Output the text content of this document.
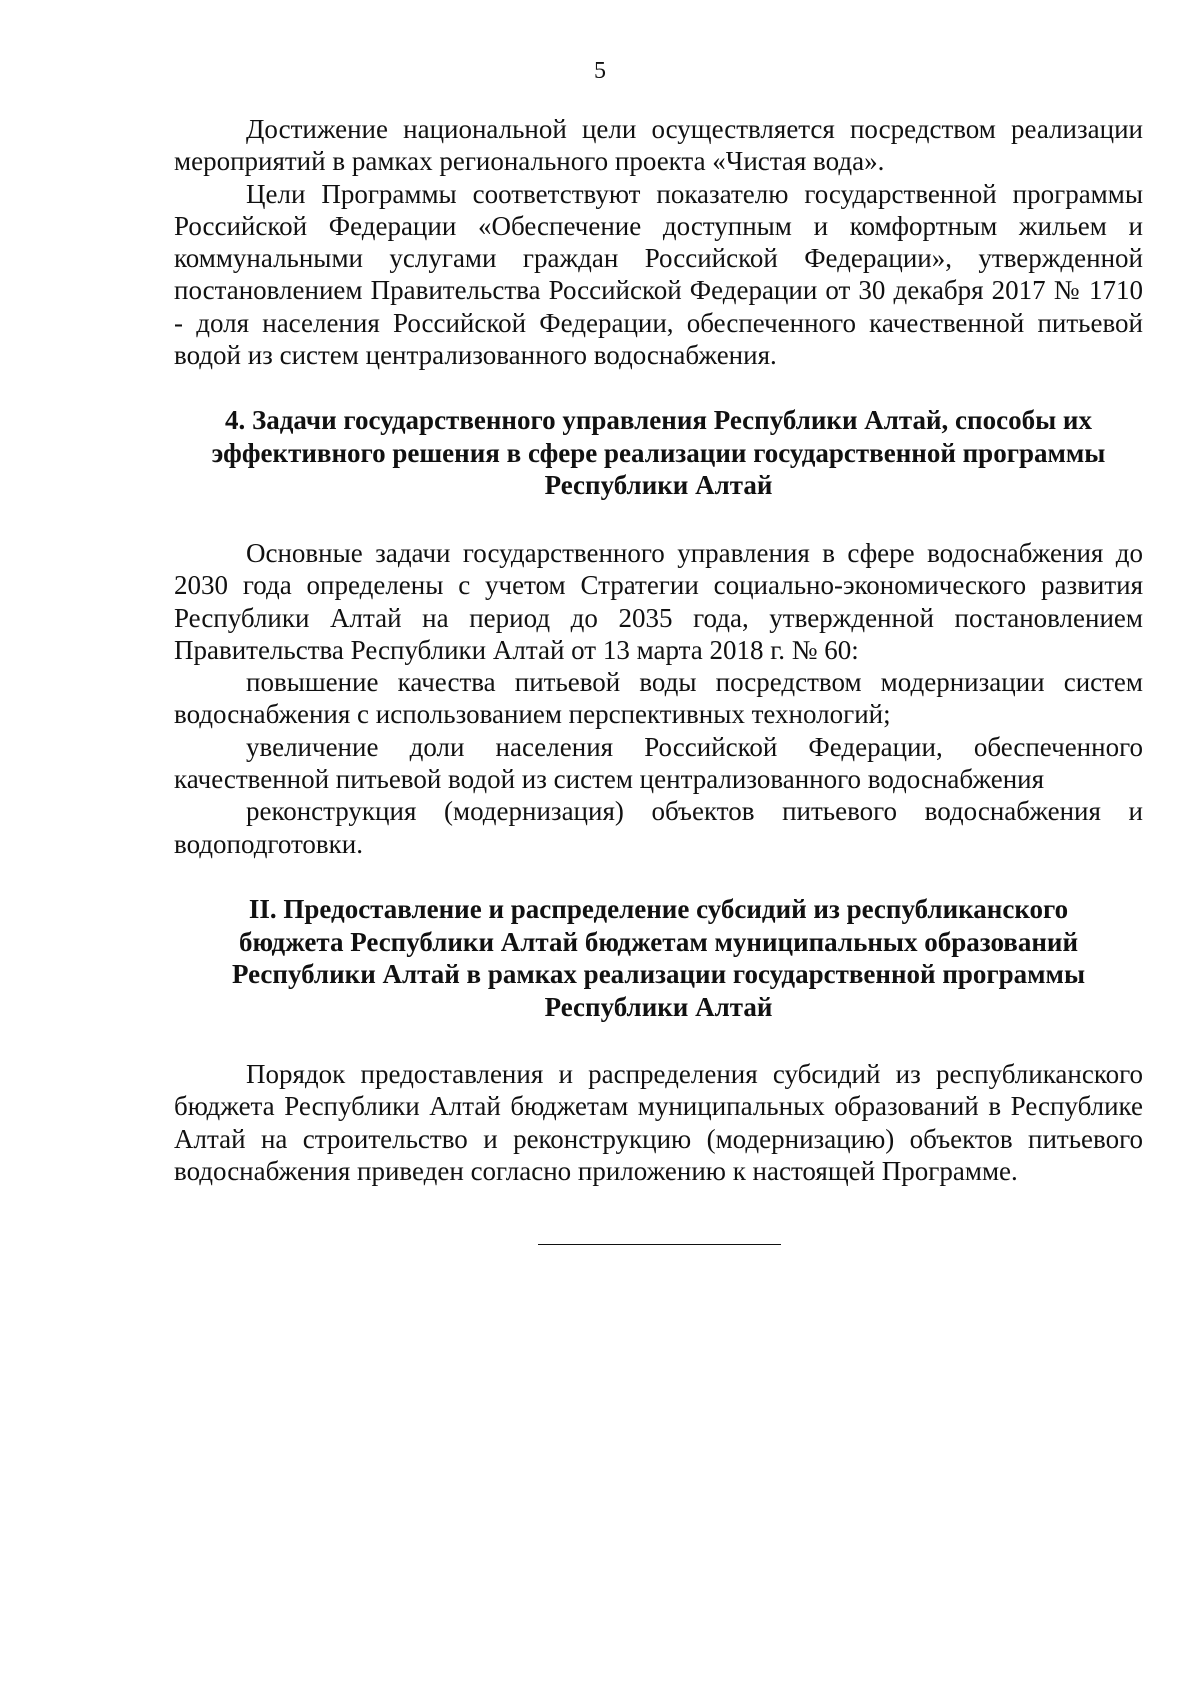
5

Достижение национальной цели осуществляется посредством реализации мероприятий в рамках регионального проекта «Чистая вода».

Цели Программы соответствуют показателю государственной программы Российской Федерации «Обеспечение доступным и комфортным жильем и коммунальными услугами граждан Российской Федерации», утвержденной постановлением Правительства Российской Федерации от 30 декабря 2017 № 1710 - доля населения Российской Федерации, обеспеченного качественной питьевой водой из систем централизованного водоснабжения.

4. Задачи государственного управления Республики Алтай, способы их
эффективного решения в сфере реализации государственной программы
Республики Алтай

Основные задачи государственного управления в сфере водоснабжения до 2030 года определены с учетом Стратегии социально-экономического развития Республики Алтай на период до 2035 года, утвержденной постановлением Правительства Республики Алтай от 13 марта 2018 г. № 60:

повышение качества питьевой воды посредством модернизации систем водоснабжения с использованием перспективных технологий;

увеличение доли населения Российской Федерации, обеспеченного качественной питьевой водой из систем централизованного водоснабжения

реконструкция (модернизация) объектов питьевого водоснабжения и водоподготовки.

II. Предоставление и распределение субсидий из республиканского
бюджета Республики Алтай бюджетам муниципальных образований
Республики Алтай в рамках реализации государственной программы
Республики Алтай

Порядок предоставления и распределения субсидий из республиканского бюджета Республики Алтай бюджетам муниципальных образований в Республике Алтай на строительство и реконструкцию (модернизацию) объектов питьевого водоснабжения приведен согласно приложению к настоящей Программе.
